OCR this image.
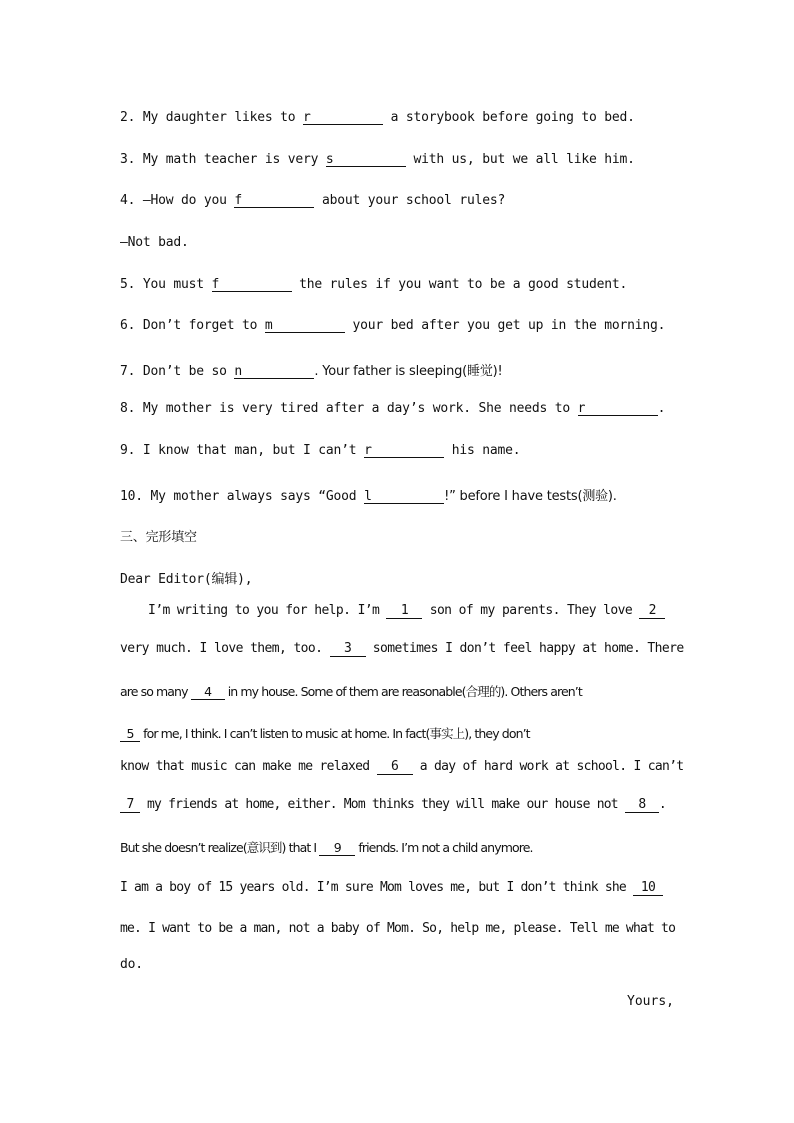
2. My daughter likes to r	a storybook before going to bed.
3. My math teacher is very s	with us, but we all like him.
4. —How do you f	about your school rules?
—Not bad.
5. You must f	the rules if you want to be a good student.
6. Don’t forget to m	your bed after you get up in the morning.
7. Don’t be so n	. Your father is sleeping(睡觉)!
8. My mother is very tired after a day’s work. She needs to r	.
9. I know that man, but I can’t r	his name.
10. My mother always says “Good l	!” before I have tests(测验).
三、完形填空
Dear Editor(编辑),
I’m writing to you for help. I’m 1 son of my parents. They love 2
very much. I love them, too. 3 sometimes I don’t feel happy at home. There
are so many 4 in my house. Some of them are reasonable(合理的). Others aren’t
5 for me, I think. I can’t listen to music at home. In fact(事实上), they don’t
know that music can make me relaxed 6 a day of hard work at school. I can’t
7 my friends at home, either. Mom thinks they will make our house not 8 .
But she doesn’t realize(意识到) that I 9 friends. I’m not a child anymore.
I am a boy of 15 years old. I’m sure Mom loves me, but I don’t think she 10
me. I want to be a man, not a baby of Mom. So, help me, please. Tell me what to
do.
Yours,
